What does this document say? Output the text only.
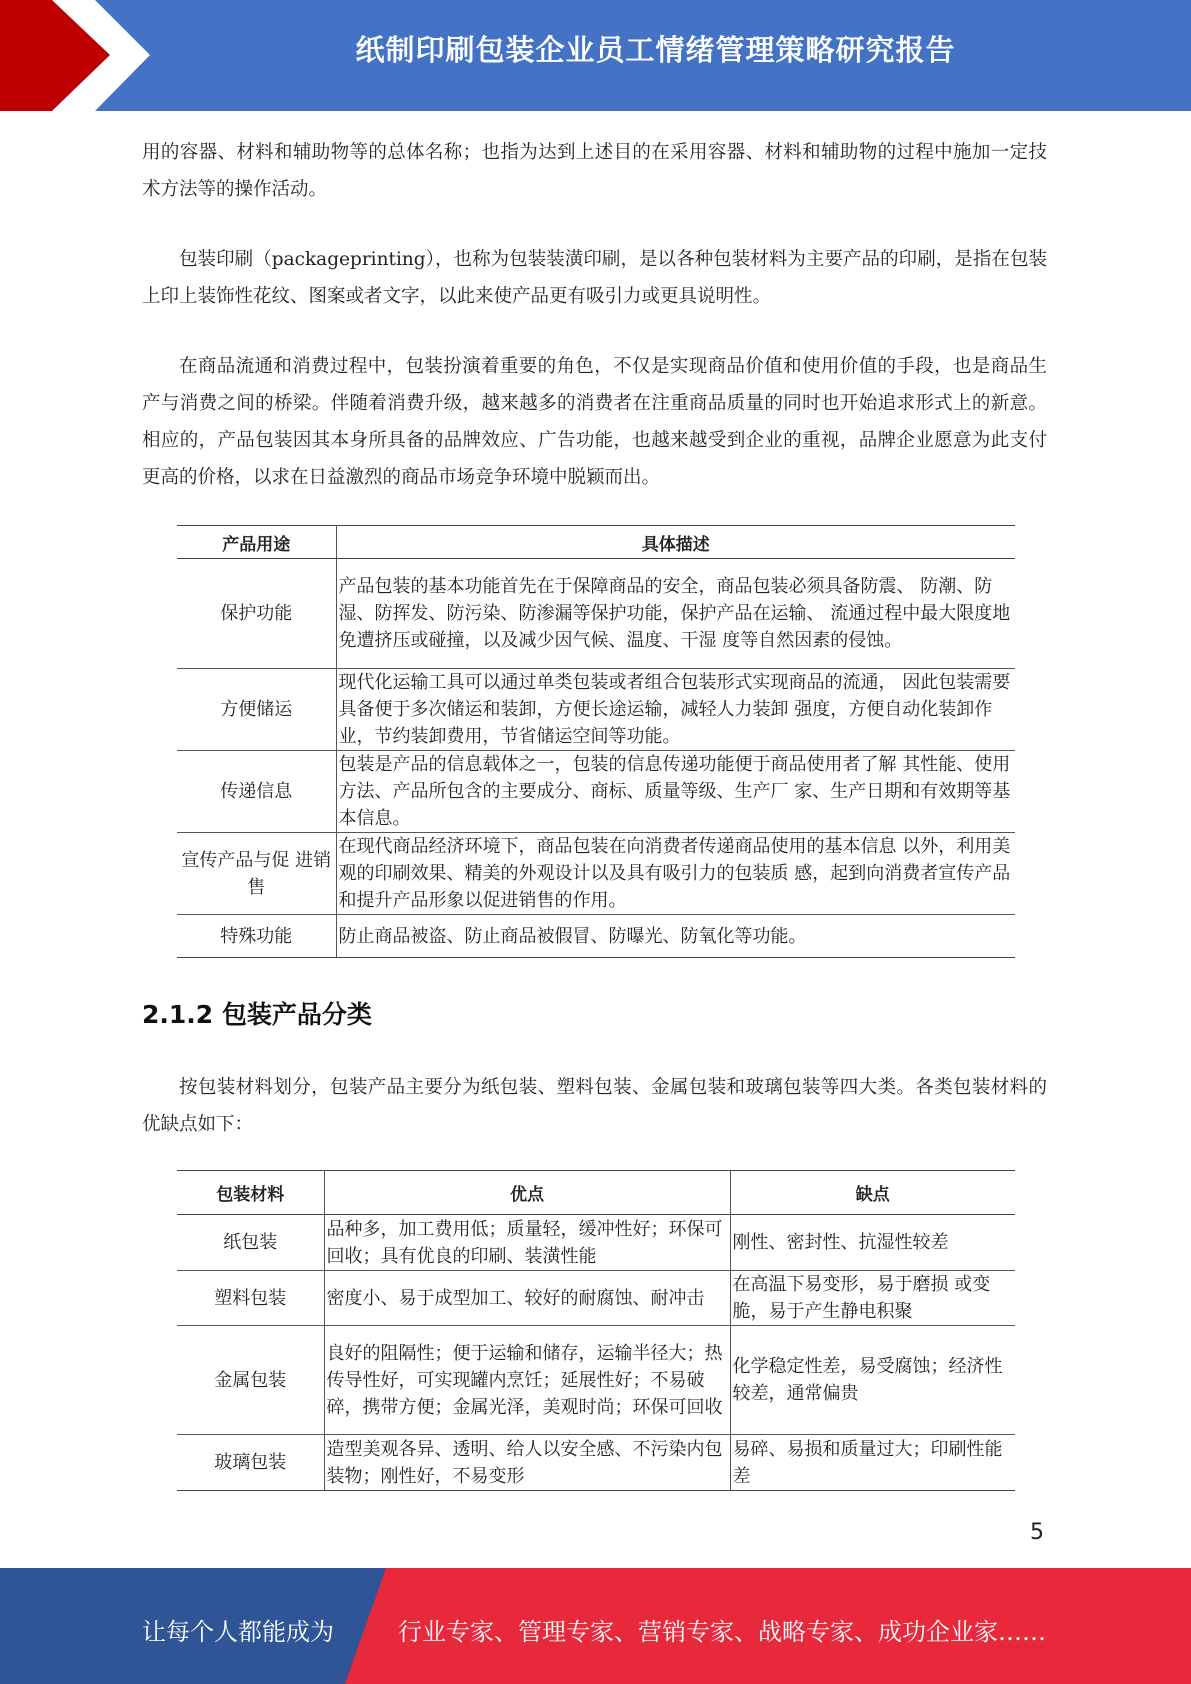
纸制印刷包装企业员工情绪管理策略研究报告
用的容器、材料和辅助物等的总体名称；也指为达到上述目的在采用容器、材料和辅助物的过程中施加一定技术方法等的操作活动。
包装印刷（packageprinting），也称为包装装潢印刷，是以各种包装材料为主要产品的印刷，是指在包装上印上装饰性花纹、图案或者文字，以此来使产品更有吸引力或更具说明性。
在商品流通和消费过程中，包装扮演着重要的角色，不仅是实现商品价值和使用价值的手段，也是商品生产与消费之间的桥梁。伴随着消费升级，越来越多的消费者在注重商品质量的同时也开始追求形式上的新意。相应的，产品包装因其本身所具备的品牌效应、广告功能，也越来越受到企业的重视，品牌企业愿意为此支付更高的价格，以求在日益激烈的商品市场竞争环境中脱颖而出。
产品用途	具体描述
保护功能	产品包装的基本功能首先在于保障商品的安全，商品包装必须具备防震、 防潮、防湿、防挥发、防污染、防渗漏等保护功能，保护产品在运输、 流通过程中最大限度地免遭挤压或碰撞，以及减少因气候、温度、干湿 度等自然因素的侵蚀。
方便储运	现代化运输工具可以通过单类包装或者组合包装形式实现商品的流通， 因此包装需要具备便于多次储运和装卸，方便长途运输，减轻人力装卸 强度，方便自动化装卸作业，节约装卸费用，节省储运空间等功能。
传递信息	包装是产品的信息载体之一，包装的信息传递功能便于商品使用者了解 其性能、使用方法、产品所包含的主要成分、商标、质量等级、生产厂 家、生产日期和有效期等基本信息。
宣传产品与促 进销售	在现代商品经济环境下，商品包装在向消费者传递商品使用的基本信息 以外，利用美观的印刷效果、精美的外观设计以及具有吸引力的包装质 感，起到向消费者宣传产品和提升产品形象以促进销售的作用。
特殊功能	防止商品被盗、防止商品被假冒、防曝光、防氧化等功能。
2.1.2 包装产品分类
按包装材料划分，包装产品主要分为纸包装、塑料包装、金属包装和玻璃包装等四大类。各类包装材料的优缺点如下：
包装材料	优点	缺点
纸包装	品种多，加工费用低；质量轻，缓冲性好；环保可回收；具有优良的印刷、装潢性能	刚性、密封性、抗湿性较差
塑料包装	密度小、易于成型加工、较好的耐腐蚀、耐冲击	在高温下易变形，易于磨损 或变脆，易于产生静电积聚
金属包装	良好的阻隔性；便于运输和储存，运输半径大；热传导性好，可实现罐内烹饪；延展性好；不易破碎，携带方便；金属光泽，美观时尚；环保可回收	化学稳定性差，易受腐蚀；经济性较差，通常偏贵
玻璃包装	造型美观各异、透明、给人以安全感、不污染内包装物；刚性好，不易变形	易碎、易损和质量过大；印刷性能差
5
让每个人都能成为	行业专家、管理专家、营销专家、战略专家、成功企业家……
